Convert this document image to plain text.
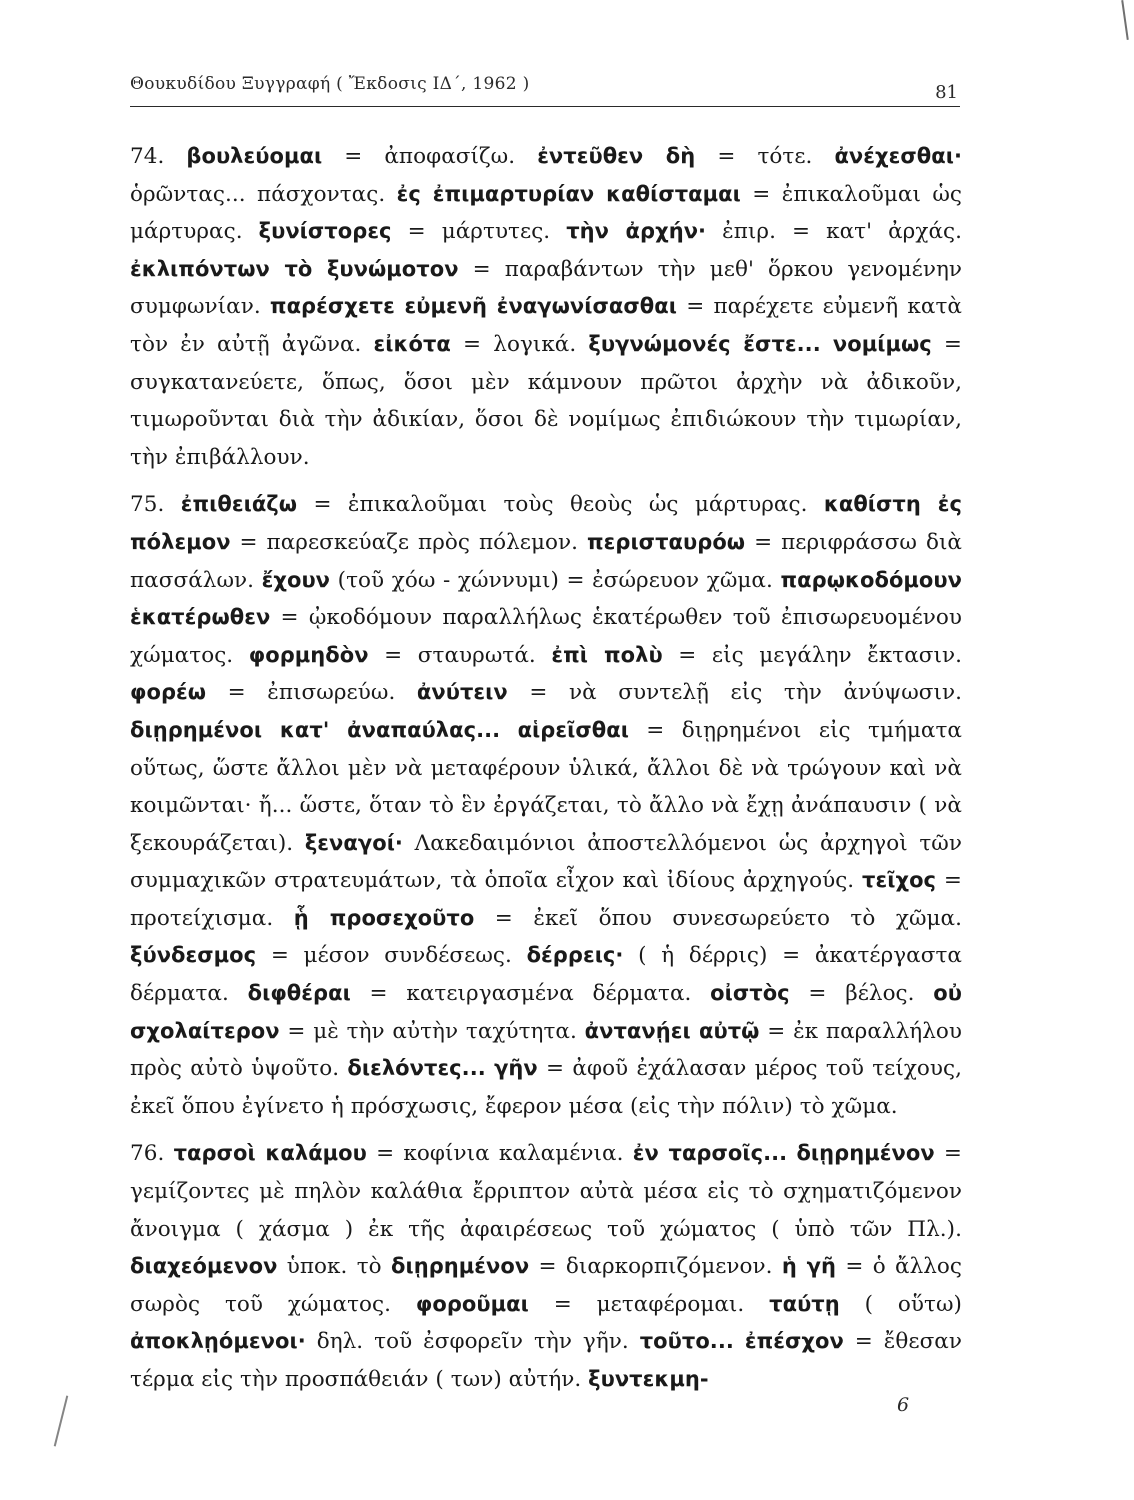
Θουκυδίδου Ξυγγραφή ( Ἔκδοσις ΙΔ΄, 1962 )	81

74. βουλεύομαι = ἀποφασίζω. ἐντεῦθεν δὴ = τότε. ἀνέχεσθαι· ὁρῶντας... πάσχοντας. ἐς ἐπιμαρτυρίαν καθίσταμαι = ἐπικαλοῦμαι ὡς μάρτυρας. ξυνίστορες = μάρτυτες. τὴν ἀρχήν· ἐπιρ. = κατ' ἀρχάς. ἐκλιπόντων τὸ ξυνώμοτον = παραβάντων τὴν μεθ' ὅρκου γενομένην συμφωνίαν. παρέσχετε εὐμενῆ ἐναγωνίσασθαι = παρέχετε εὐμενῆ κατὰ τὸν ἐν αὐτῇ ἀγῶνα. εἰκότα = λογικά. ξυγνώμονές ἔστε... νομίμως = συγκατανεύετε, ὅπως, ὅσοι μὲν κάμνουν πρῶτοι ἀρχὴν νὰ ἀδικοῦν, τιμωροῦνται διὰ τὴν ἀδικίαν, ὅσοι δὲ νομίμως ἐπιδιώκουν τὴν τιμωρίαν, τὴν ἐπιβάλλουν.

75. ἐπιθειάζω = ἐπικαλοῦμαι τοὺς θεοὺς ὡς μάρτυρας. καθίστη ἐς πόλεμον = παρεσκεύαζε πρὸς πόλεμον. περισταυρόω = περιφράσσω διὰ πασσάλων. ἔχουν (τοῦ χόω - χώννυμι) = ἐσώρευον χῶμα. παρῳκοδόμουν ἑκατέρωθεν = ᾠκοδόμουν παραλλήλως ἑκατέρωθεν τοῦ ἐπισωρευομένου χώματος. φορμηδὸν = σταυρωτά. ἐπὶ πολὺ = εἰς μεγάλην ἔκτασιν. φορέω = ἐπισωρεύω. ἀνύτειν = νὰ συντελῇ εἰς τὴν ἀνύψωσιν. διῃρημένοι κατ' ἀναπαύλας... αἱρεῖσθαι = διῃρημένοι εἰς τμήματα οὕτως, ὥστε ἄλλοι μὲν νὰ μεταφέρουν ὑλικά, ἄλλοι δὲ νὰ τρώγουν καὶ νὰ κοιμῶνται· ἤ... ὥστε, ὅταν τὸ ἓν ἐργάζεται, τὸ ἄλλο νὰ ἔχῃ ἀνάπαυσιν ( νὰ ξεκουράζεται). ξεναγοί· Λακεδαιμόνιοι ἀποστελλόμενοι ὡς ἀρχηγοὶ τῶν συμμαχικῶν στρατευμάτων, τὰ ὁποῖα εἶχον καὶ ἰδίους ἀρχηγούς. τεῖχος = προτείχισμα. ᾗ προσεχοῦτο = ἐκεῖ ὅπου συνεσωρεύετο τὸ χῶμα. ξύνδεσμος = μέσον συνδέσεως. δέρρεις· ( ἡ δέρρις) = ἀκατέργαστα δέρματα. διφθέραι = κατειργασμένα δέρματα. οἰστὸς = βέλος. οὐ σχολαίτερον = μὲ τὴν αὐτὴν ταχύτητα. ἀντανῄει αὐτῷ = ἐκ παραλλήλου πρὸς αὐτὸ ὑψοῦτο. διελόντες... γῆν = ἀφοῦ ἐχάλασαν μέρος τοῦ τείχους, ἐκεῖ ὅπου ἐγίνετο ἡ πρόσχωσις, ἔφερον μέσα (εἰς τὴν πόλιν) τὸ χῶμα.

76. ταρσοὶ καλάμου = κοφίνια καλαμένια. ἐν ταρσοῖς... διῃρημένον = γεμίζοντες μὲ πηλὸν καλάθια ἔρριπτον αὐτὰ μέσα εἰς τὸ σχηματιζόμενον ἄνοιγμα ( χάσμα ) ἐκ τῆς ἀφαιρέσεως τοῦ χώματος ( ὑπὸ τῶν Πλ.). διαχεόμενον ὑποκ. τὸ διῃρημένον = διαρκορπιζόμενον. ἡ γῆ = ὁ ἄλλος σωρὸς τοῦ χώματος. φοροῦμαι = μεταφέρομαι. ταύτῃ ( οὕτω) ἀποκλῃόμενοι· δηλ. τοῦ ἐσφορεῖν τὴν γῆν. τοῦτο... ἐπέσχον = ἔθεσαν τέρμα εἰς τὴν προσπάθειάν ( των) αὐτήν. ξυντεκμη-

6
